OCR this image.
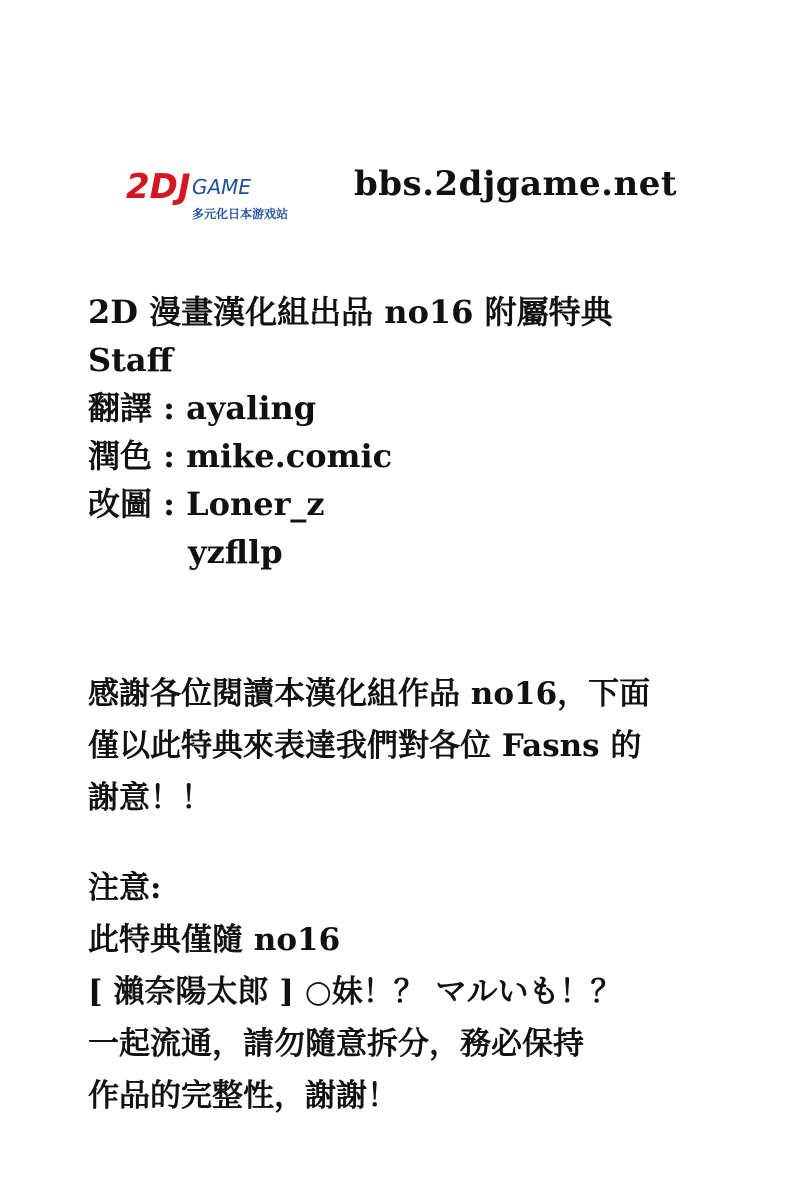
2DJ GAME
多元化日本游戏站
bbs.2djgame.net
2D 漫畫漢化組出品 no16 附屬特典
Staff
翻譯 : ayaling
潤色 : mike.comic
改圖 : Loner_z
yzfllp
感謝各位閱讀本漢化組作品 no16，下面
僅以此特典來表達我們對各位 Fasns 的
謝意！！
注意:
此特典僅隨 no16
[ 瀨奈陽太郎 ] ○妹！？ マルいも！？
一起流通，請勿隨意拆分，務必保持
作品的完整性，謝謝！
